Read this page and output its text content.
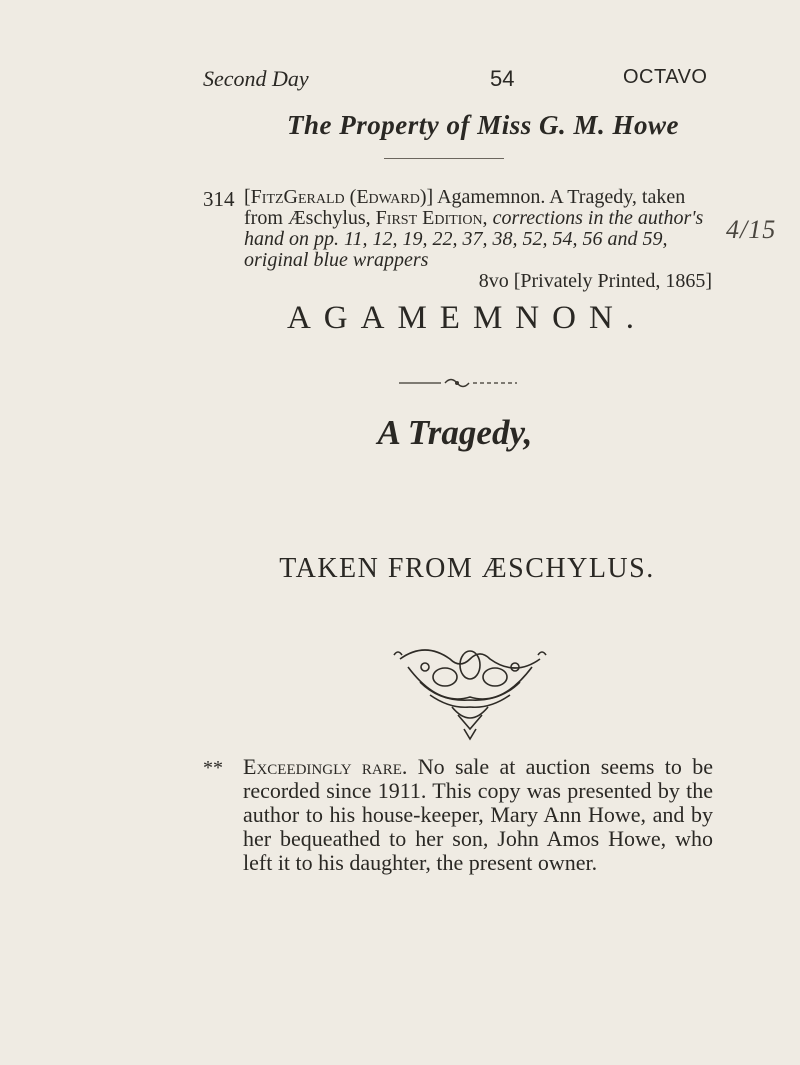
Second Day	54	OCTAVO
The Property of Miss G. M. Howe
314 [FitzGerald (Edward)] Agamemnon. A Tragedy, taken from Æschylus, First Edition, corrections in the author's hand on pp. 11, 12, 19, 22, 37, 38, 52, 54, 56 and 59, original blue wrappers
8vo [Privately Printed, 1865]
4/15
AGAMEMNON.
A Tragedy,
TAKEN FROM ÆSCHYLUS.
** Exceedingly rare. No sale at auction seems to be recorded since 1911. This copy was presented by the author to his house-keeper, Mary Ann Howe, and by her bequeathed to her son, John Amos Howe, who left it to his daughter, the present owner.
